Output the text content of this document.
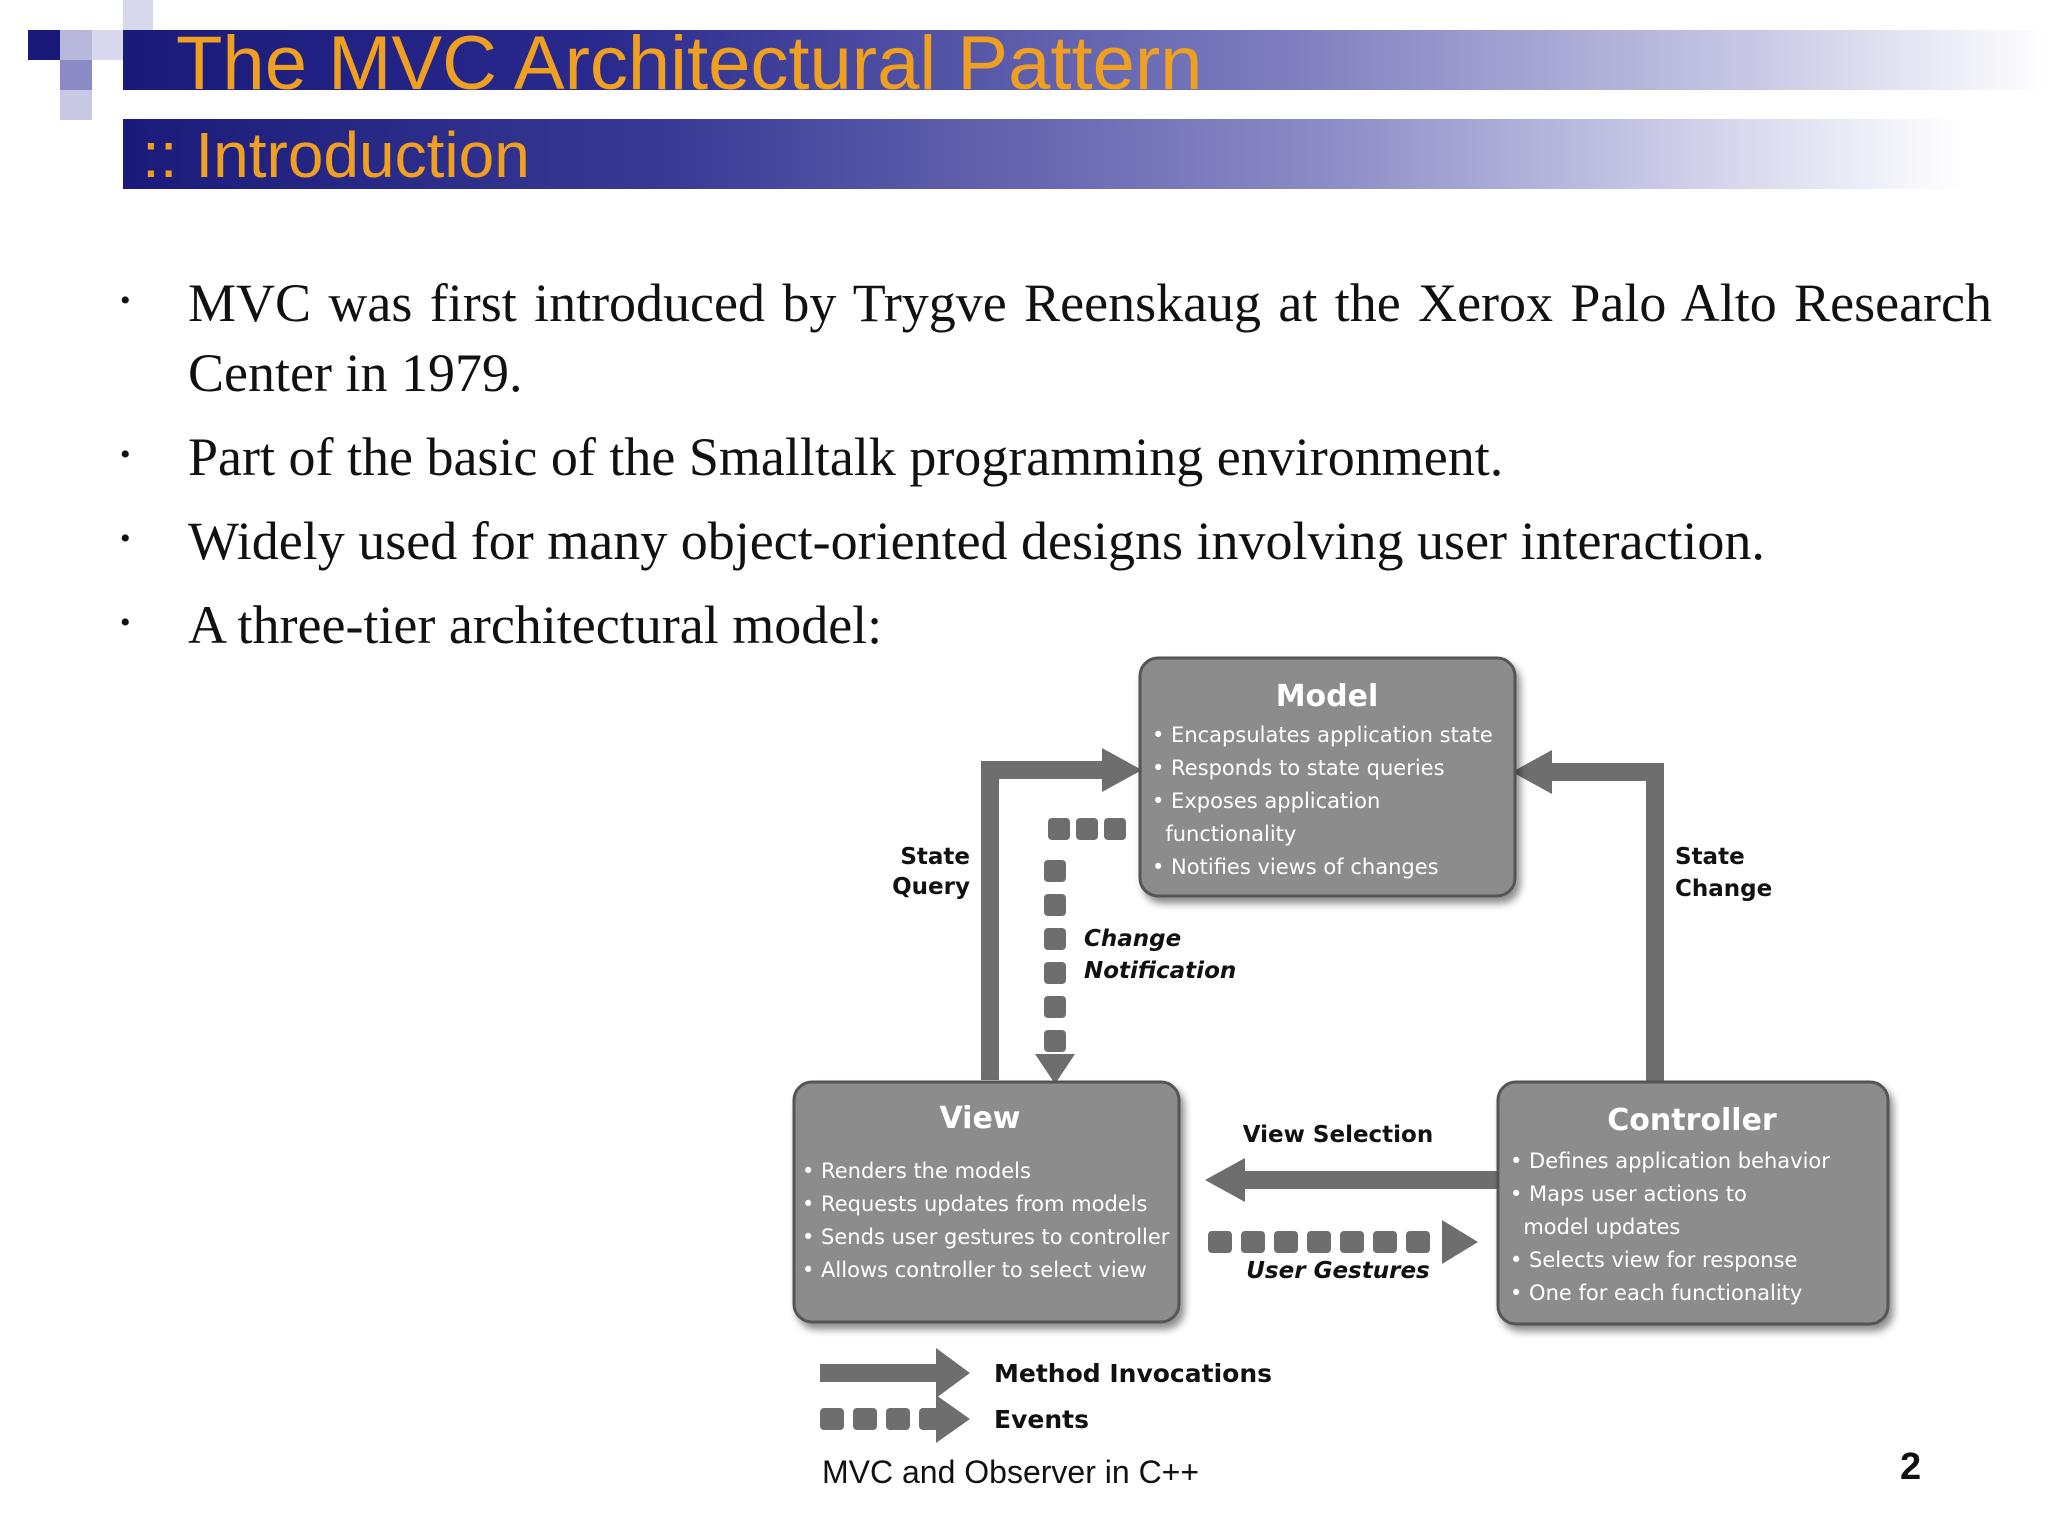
The MVC Architectural Pattern
:: Introduction
• MVC was first introduced by Trygve Reenskaug at the Xerox Palo Alto Research Center in 1979.
• Part of the basic of the Smalltalk programming environment.
• Widely used for many object-oriented designs involving user interaction.
• A three-tier architectural model:
Model
• Encapsulates application state
• Responds to state queries
• Exposes application
functionality
• Notifies views of changes
View
• Renders the models
• Requests updates from models
• Sends user gestures to controller
• Allows controller to select view
Controller
• Defines application behavior
• Maps user actions to
model updates
• Selects view for response
• One for each functionality
State
Query
State
Change
Change
Notification
View Selection
User Gestures
Method Invocations
Events
MVC and Observer in C++	2
